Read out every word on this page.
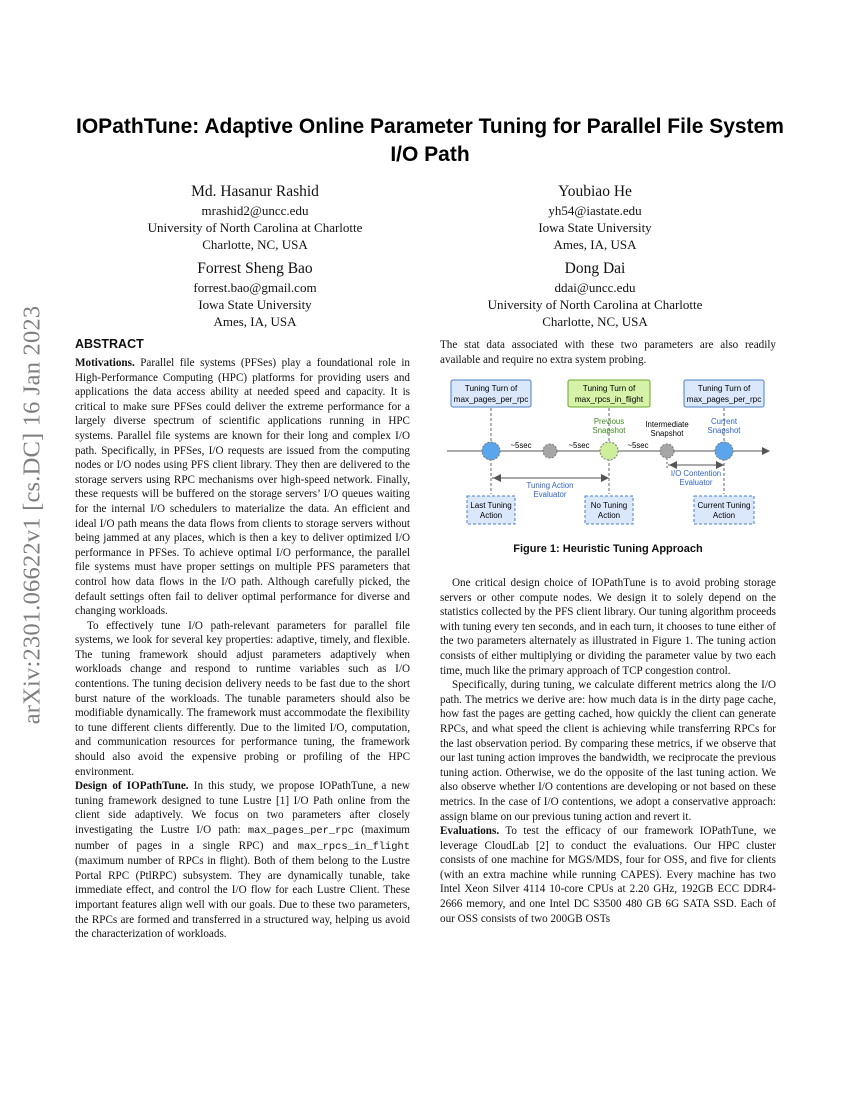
arXiv:2301.06622v1 [cs.DC] 16 Jan 2023
IOPathTune: Adaptive Online Parameter Tuning for Parallel File System I/O Path
Md. Hasanur Rashid
mrashid2@uncc.edu
University of North Carolina at Charlotte
Charlotte, NC, USA
Youbiao He
yh54@iastate.edu
Iowa State University
Ames, IA, USA
Forrest Sheng Bao
forrest.bao@gmail.com
Iowa State University
Ames, IA, USA
Dong Dai
ddai@uncc.edu
University of North Carolina at Charlotte
Charlotte, NC, USA
ABSTRACT

Motivations. Parallel file systems (PFSes) play a foundational role in High-Performance Computing (HPC) platforms for providing users and applications the data access ability at needed speed and capacity. It is critical to make sure PFSes could deliver the extreme performance for a largely diverse spectrum of scientific applications running in HPC systems. Parallel file systems are known for their long and complex I/O path. Specifically, in PFSes, I/O requests are issued from the computing nodes or I/O nodes using PFS client library. They then are delivered to the storage servers using RPC mechanisms over high-speed network. Finally, these requests will be buffered on the storage servers’ I/O queues waiting for the internal I/O schedulers to materialize the data. An efficient and ideal I/O path means the data flows from clients to storage servers without being jammed at any places, which is then a key to deliver optimized I/O performance in PFSes. To achieve optimal I/O performance, the parallel file systems must have proper settings on multiple PFS parameters that control how data flows in the I/O path. Although carefully picked, the default settings often fail to deliver optimal performance for diverse and changing workloads.

To effectively tune I/O path-relevant parameters for parallel file systems, we look for several key properties: adaptive, timely, and flexible. The tuning framework should adjust parameters adaptively when workloads change and respond to runtime variables such as I/O contentions. The tuning decision delivery needs to be fast due to the short burst nature of the workloads. The tunable parameters should also be modifiable dynamically. The framework must accommodate the flexibility to tune different clients differently. Due to the limited I/O, computation, and communication resources for performance tuning, the framework should also avoid the expensive probing or profiling of the HPC environment.

Design of IOPathTune. In this study, we propose IOPathTune, a new tuning framework designed to tune Lustre [1] I/O Path online from the client side adaptively. We focus on two parameters after closely investigating the Lustre I/O path: max_pages_per_rpc (maximum number of pages in a single RPC) and max_rpcs_in_flight (maximum number of RPCs in flight). Both of them belong to the Lustre Portal RPC (PtlRPC) subsystem. They are dynamically tunable, take immediate effect, and control the I/O flow for each Lustre Client. These important features align well with our goals. Due to these two parameters, the RPCs are formed and transferred in a structured way, helping us avoid the characterization of workloads.

The stat data associated with these two parameters are also readily available and require no extra system probing.

Tuning Turn of
max_pages_per_rpc
Tuning Turn of
max_rpcs_in_flight
Tuning Turn of
max_pages_per_rpc
Previous
Snapshot
Intermediate
Snapshot
Current
Snapshot
~5sec	~5sec	~5sec
Tuning Action
Evaluator
I/O Contention
Evaluator
Last Tuning
Action
No Tuning
Action
Current Tuning
Action

Figure 1: Heuristic Tuning Approach

One critical design choice of IOPathTune is to avoid probing storage servers or other compute nodes. We design it to solely depend on the statistics collected by the PFS client library. Our tuning algorithm proceeds with tuning every ten seconds, and in each turn, it chooses to tune either of the two parameters alternately as illustrated in Figure 1. The tuning action consists of either multiplying or dividing the parameter value by two each time, much like the primary approach of TCP congestion control.

Specifically, during tuning, we calculate different metrics along the I/O path. The metrics we derive are: how much data is in the dirty page cache, how fast the pages are getting cached, how quickly the client can generate RPCs, and what speed the client is achieving while transferring RPCs for the last observation period. By comparing these metrics, if we observe that our last tuning action improves the bandwidth, we reciprocate the previous tuning action. Otherwise, we do the opposite of the last tuning action. We also observe whether I/O contentions are developing or not based on these metrics. In the case of I/O contentions, we adopt a conservative approach: assign blame on our previous tuning action and revert it.

Evaluations. To test the efficacy of our framework IOPathTune, we leverage CloudLab [2] to conduct the evaluations. Our HPC cluster consists of one machine for MGS/MDS, four for OSS, and five for clients (with an extra machine while running CAPES). Every machine has two Intel Xeon Silver 4114 10-core CPUs at 2.20 GHz, 192GB ECC DDR4-2666 memory, and one Intel DC S3500 480 GB 6G SATA SSD. Each of our OSS consists of two 200GB OSTs
